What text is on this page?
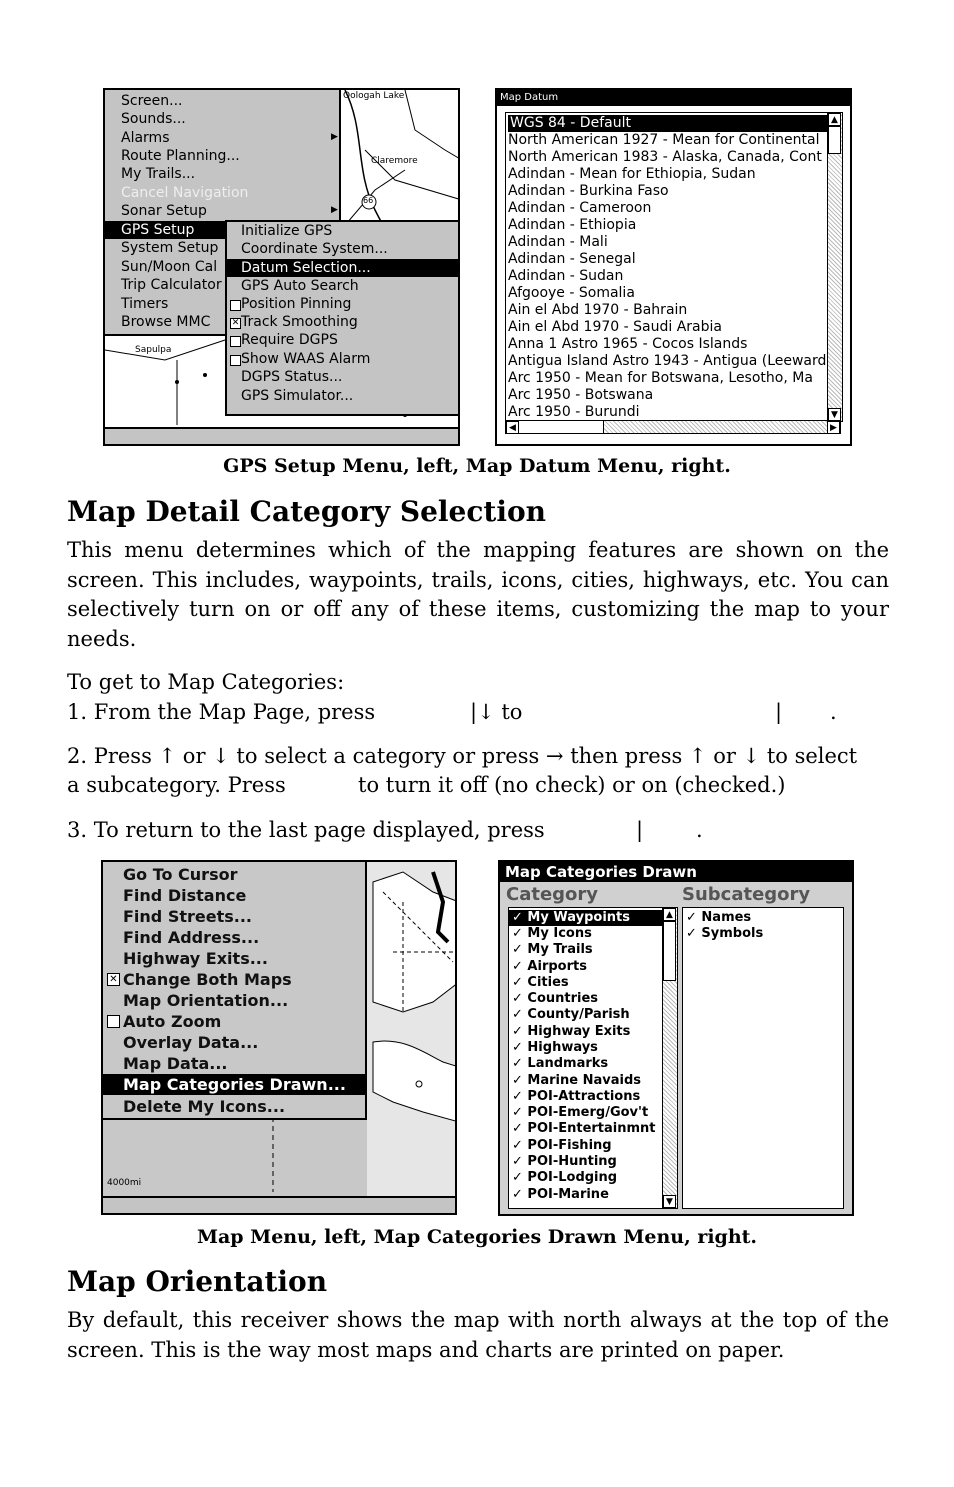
Oologah Lake
Claremore
66
Sapulpa
Screen...
Sounds...
Alarms	▶
Route Planning...
My Trails...
Cancel Navigation
Sonar Setup	▶
GPS Setup
System Setup
Sun/Moon Cal
Trip Calculator
Timers
Browse MMC
Initialize GPS
Coordinate System...
Datum Selection...
GPS Auto Search
Position Pinning
✕ Track Smoothing
Require DGPS
Show WAAS Alarm
DGPS Status...
GPS Simulator...

Map Datum
WGS 84 - Default
North American 1927 - Mean for Continental
North American 1983 - Alaska, Canada, Cont
Adindan - Mean for Ethiopia, Sudan
Adindan - Burkina Faso
Adindan - Cameroon
Adindan - Ethiopia
Adindan - Mali
Adindan - Senegal
Adindan - Sudan
Afgooye - Somalia
Ain el Abd 1970 - Bahrain
Ain el Abd 1970 - Saudi Arabia
Anna 1 Astro 1965 - Cocos Islands
Antigua Island Astro 1943 - Antigua (Leeward
Arc 1950 - Mean for Botswana, Lesotho, Ma
Arc 1950 - Botswana
Arc 1950 - Burundi
▲
▼
◀	▶
GPS Setup Menu, left, Map Datum Menu, right.
Map Detail Category Selection
This menu determines which of the mapping features are shown on the screen. This includes, waypoints, trails, icons, cities, highways, etc. You can selectively turn on or off any of these items, customizing the map to your needs.
To get to Map Categories:
1. From the Map Page, press	|↓ to	| .
2. Press ↑ or ↓ to select a category or press → then press ↑ or ↓ to select
a subcategory. Press	to turn it off (no check) or on (checked.)
3. To return to the last page displayed, press	|	.
Go To Cursor
Find Distance
Find Streets...
Find Address...
Highway Exits...
✕ Change Both Maps
Map Orientation...
Auto Zoom
Overlay Data...
Map Data...
Map Categories Drawn...
Delete My Icons...
4000mi

Map Categories Drawn
Category	Subcategory
✓ My Waypoints
✓ My Icons
✓ My Trails
✓ Airports
✓ Cities
✓ Countries
✓ County/Parish
✓ Highway Exits
✓ Highways
✓ Landmarks
✓ Marine Navaids
✓ POI-Attractions
✓ POI-Emerg/Gov't
✓ POI-Entertainmnt
✓ POI-Fishing
✓ POI-Hunting
✓ POI-Lodging
✓ POI-Marine
▲
▼
✓ Names
✓ Symbols
Map Menu, left, Map Categories Drawn Menu, right.
Map Orientation
By default, this receiver shows the map with north always at the top of the screen. This is the way most maps and charts are printed on paper.
